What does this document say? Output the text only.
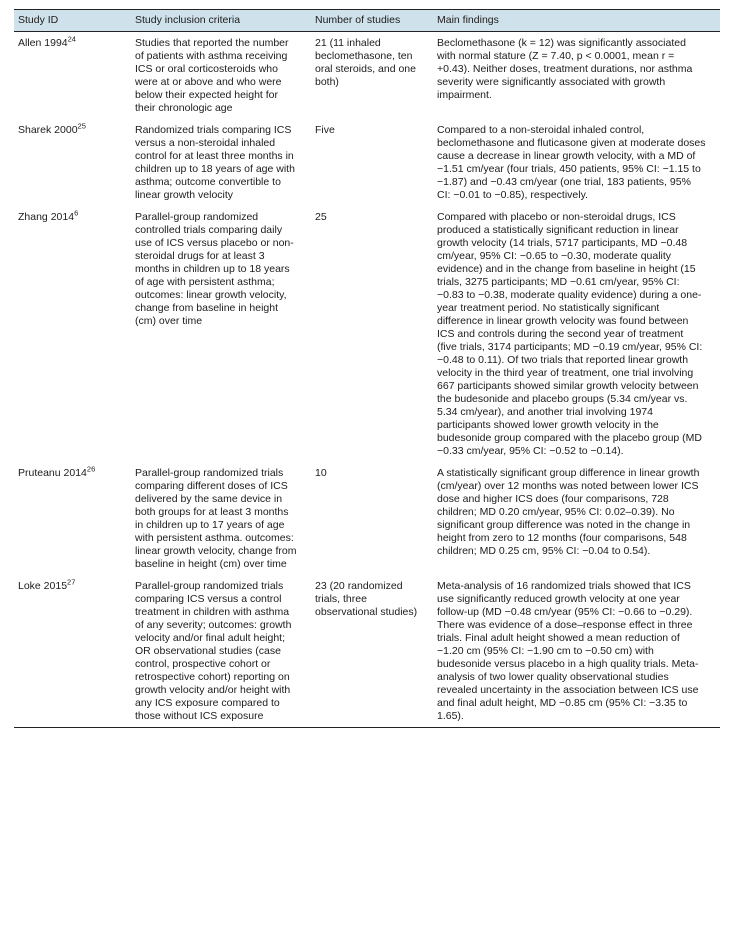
Study ID	Study inclusion criteria	Number of studies	Main findings
Allen 1994$^{24}$	Studies that reported the number of patients with asthma receiving ICS or oral corticosteroids who were at or above and who were below their expected height for their chronologic age	21 (11 inhaled beclomethasone, ten oral steroids, and one both)	Beclomethasone (k = 12) was significantly associated with normal stature (Z = 7.40, p < 0.0001, mean r = +0.43). Neither doses, treatment durations, nor asthma severity were significantly associated with growth impairment.
Sharek 2000$^{25}$	Randomized trials comparing ICS versus a non-steroidal inhaled control for at least three months in children up to 18 years of age with asthma; outcome convertible to linear growth velocity	Five	Compared to a non-steroidal inhaled control, beclomethasone and fluticasone given at moderate doses cause a decrease in linear growth velocity, with a MD of −1.51 cm/year (four trials, 450 patients, 95% CI: −1.15 to −1.87) and −0.43 cm/year (one trial, 183 patients, 95% CI: −0.01 to −0.85), respectively.
Zhang 2014$^6$	Parallel-group randomized controlled trials comparing daily use of ICS versus placebo or non-steroidal drugs for at least 3 months in children up to 18 years of age with persistent asthma; outcomes: linear growth velocity, change from baseline in height (cm) over time	25	Compared with placebo or non-steroidal drugs, ICS produced a statistically significant reduction in linear growth velocity (14 trials, 5717 participants, MD −0.48 cm/year, 95% CI: −0.65 to −0.30, moderate quality evidence) and in the change from baseline in height (15 trials, 3275 participants; MD −0.61 cm/year, 95% CI: −0.83 to −0.38, moderate quality evidence) during a one-year treatment period. No statistically significant difference in linear growth velocity was found between ICS and controls during the second year of treatment (five trials, 3174 participants; MD −0.19 cm/year, 95% CI: −0.48 to 0.11). Of two trials that reported linear growth velocity in the third year of treatment, one trial involving 667 participants showed similar growth velocity between the budesonide and placebo groups (5.34 cm/year vs. 5.34 cm/year), and another trial involving 1974 participants showed lower growth velocity in the budesonide group compared with the placebo group (MD −0.33 cm/year, 95% CI: −0.52 to −0.14).
Pruteanu 2014$^{26}$	Parallel-group randomized trials comparing different doses of ICS delivered by the same device in both groups for at least 3 months in children up to 17 years of age with persistent asthma. outcomes: linear growth velocity, change from baseline in height (cm) over time	10	A statistically significant group difference in linear growth (cm/year) over 12 months was noted between lower ICS dose and higher ICS does (four comparisons, 728 children; MD 0.20 cm/year, 95% CI: 0.02–0.39). No significant group difference was noted in the change in height from zero to 12 months (four comparisons, 548 children; MD 0.25 cm, 95% CI: −0.04 to 0.54).
Loke 2015$^{27}$	Parallel-group randomized trials comparing ICS versus a control treatment in children with asthma of any severity; outcomes: growth velocity and/or final adult height; OR observational studies (case control, prospective cohort or retrospective cohort) reporting on growth velocity and/or height with any ICS exposure compared to those without ICS exposure	23 (20 randomized trials, three observational studies)	Meta-analysis of 16 randomized trials showed that ICS use significantly reduced growth velocity at one year follow-up (MD −0.48 cm/year (95% CI: −0.66 to −0.29). There was evidence of a dose–response effect in three trials. Final adult height showed a mean reduction of −1.20 cm (95% CI: −1.90 cm to −0.50 cm) with budesonide versus placebo in a high quality trials. Meta-analysis of two lower quality observational studies revealed uncertainty in the association between ICS use and final adult height, MD −0.85 cm (95% CI: −3.35 to 1.65).
